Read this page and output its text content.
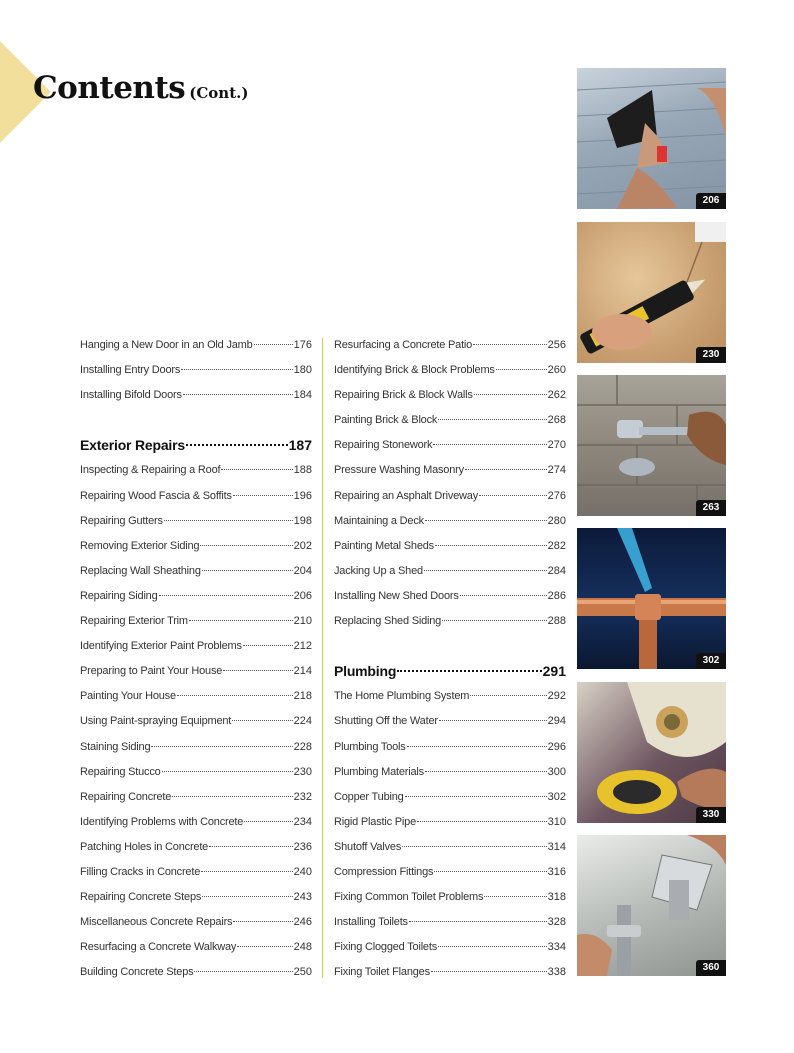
Contents (Cont.)
Hanging a New Door in an Old Jamb	176
Installing Entry Doors	180
Installing Bifold Doors	184
Exterior Repairs	187
Inspecting & Repairing a Roof	188
Repairing Wood Fascia & Soffits	196
Repairing Gutters	198
Removing Exterior Siding	202
Replacing Wall Sheathing	204
Repairing Siding	206
Repairing Exterior Trim	210
Identifying Exterior Paint Problems	212
Preparing to Paint Your House	214
Painting Your House	218
Using Paint-spraying Equipment	224
Staining Siding	228
Repairing Stucco	230
Repairing Concrete	232
Identifying Problems with Concrete	234
Patching Holes in Concrete	236
Filling Cracks in Concrete	240
Repairing Concrete Steps	243
Miscellaneous Concrete Repairs	246
Resurfacing a Concrete Walkway	248
Building Concrete Steps	250
Resurfacing a Concrete Patio	256
Identifying Brick & Block Problems	260
Repairing Brick & Block Walls	262
Painting Brick & Block	268
Repairing Stonework	270
Pressure Washing Masonry	274
Repairing an Asphalt Driveway	276
Maintaining a Deck	280
Painting Metal Sheds	282
Jacking Up a Shed	284
Installing New Shed Doors	286
Replacing Shed Siding	288
Plumbing	291
The Home Plumbing System	292
Shutting Off the Water	294
Plumbing Tools	296
Plumbing Materials	300
Copper Tubing	302
Rigid Plastic Pipe	310
Shutoff Valves	314
Compression Fittings	316
Fixing Common Toilet Problems	318
Installing Toilets	328
Fixing Clogged Toilets	334
Fixing Toilet Flanges	338
206
230
263
302
330
360
